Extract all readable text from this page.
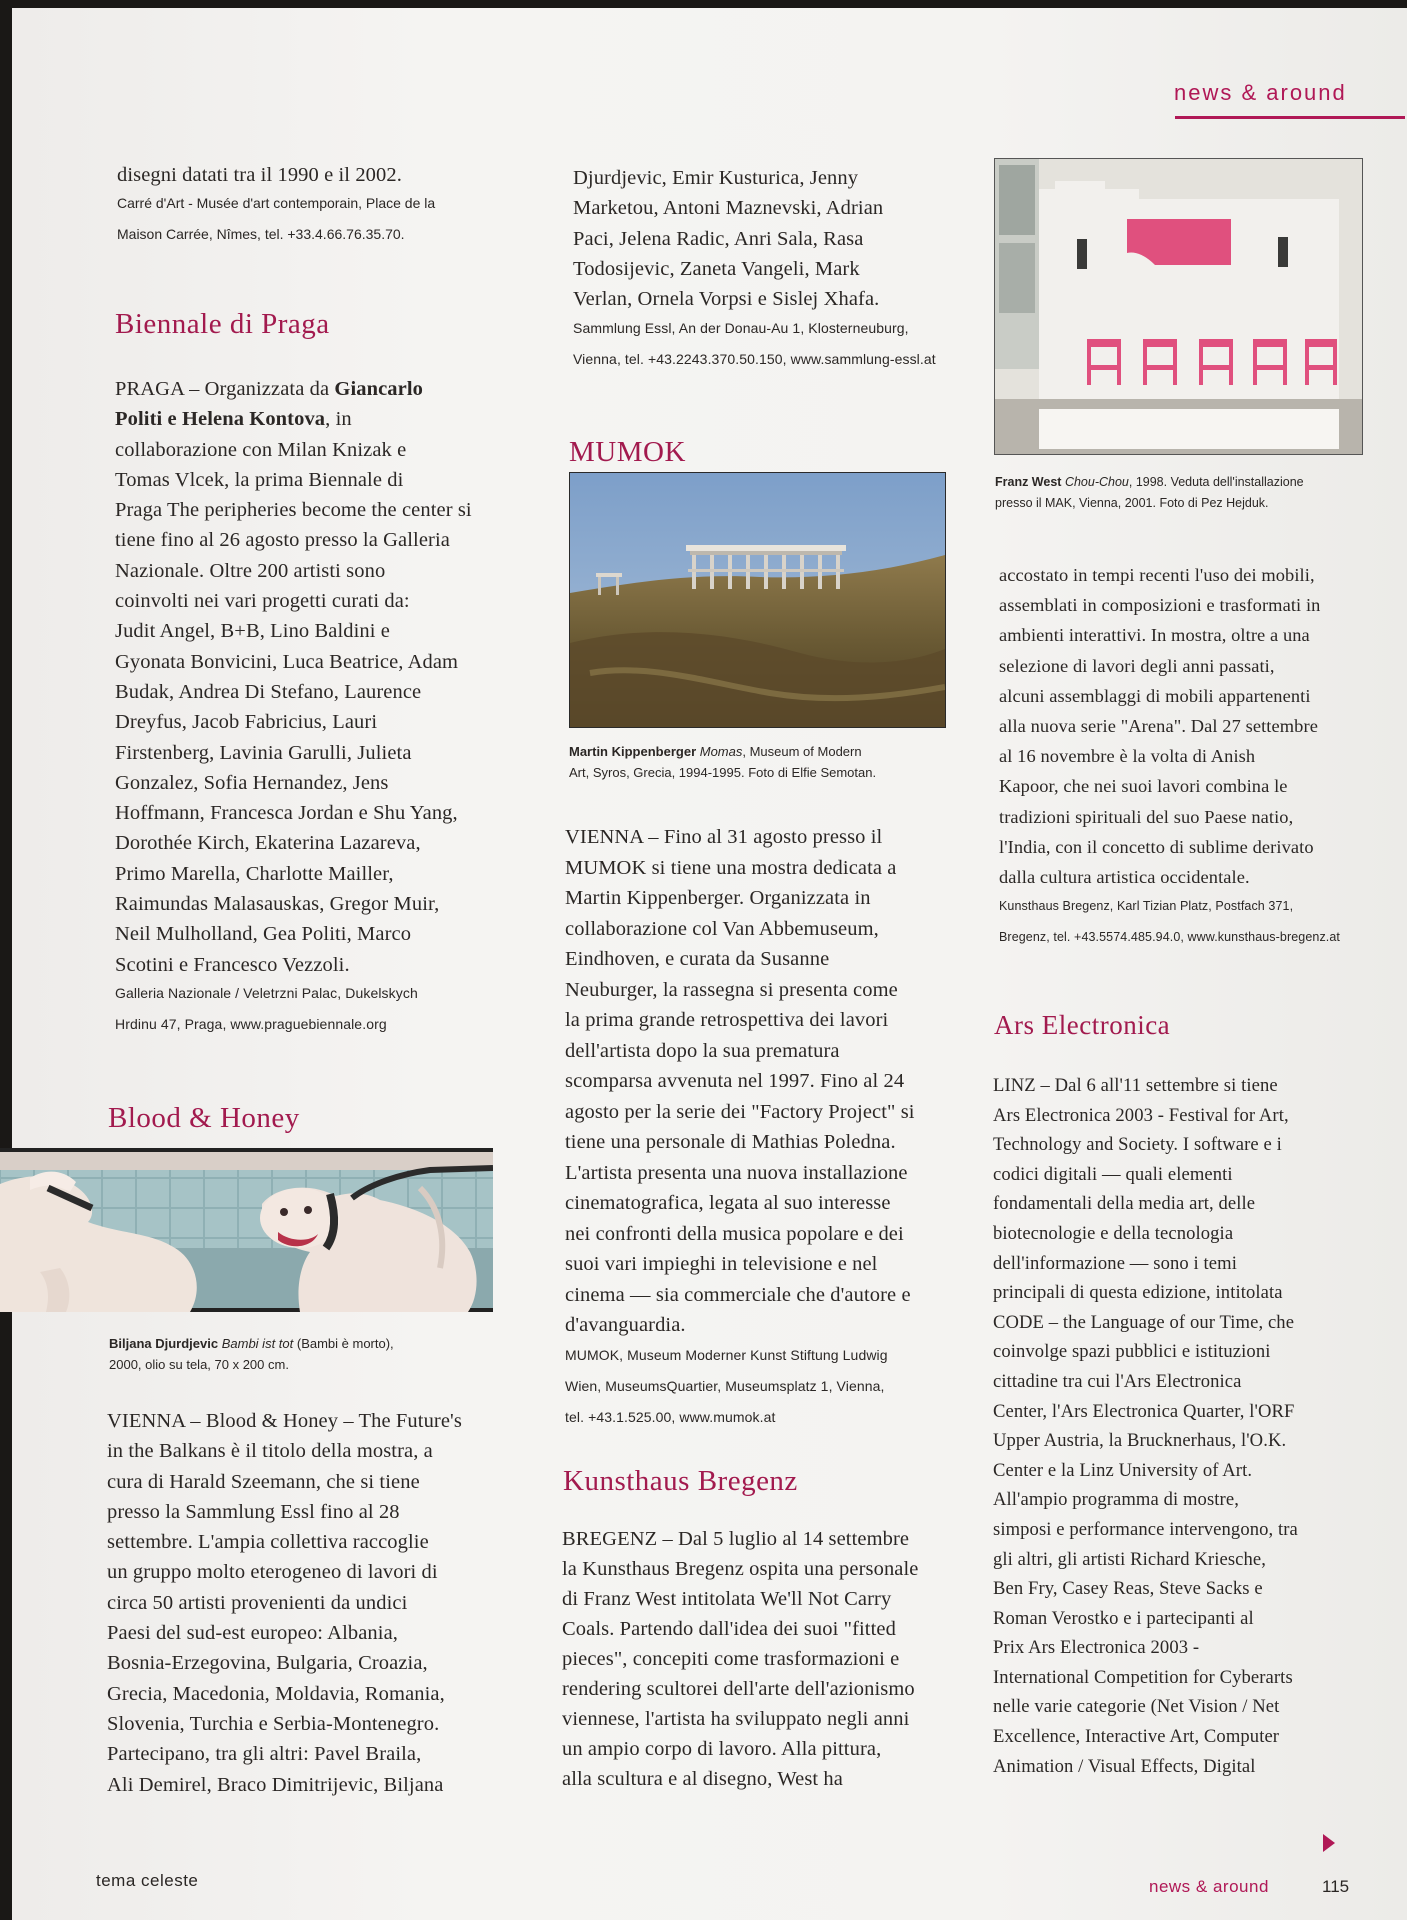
news & around

disegni datati tra il 1990 e il 2002.

Carré d'Art - Musée d'art contemporain, Place de la

Maison Carrée, Nîmes, tel. +33.4.66.76.35.70.

Biennale di Praga

PRAGA – Organizzata da Giancarlo

Politi e Helena Kontova, in

collaborazione con Milan Knizak e

Tomas Vlcek, la prima Biennale di

Praga The peripheries become the center si

tiene fino al 26 agosto presso la Galleria

Nazionale. Oltre 200 artisti sono

coinvolti nei vari progetti curati da:

Judit Angel, B+B, Lino Baldini e

Gyonata Bonvicini, Luca Beatrice, Adam

Budak, Andrea Di Stefano, Laurence

Dreyfus, Jacob Fabricius, Lauri

Firstenberg, Lavinia Garulli, Julieta

Gonzalez, Sofia Hernandez, Jens

Hoffmann, Francesca Jordan e Shu Yang,

Dorothée Kirch, Ekaterina Lazareva,

Primo Marella, Charlotte Mailler,

Raimundas Malasauskas, Gregor Muir,

Neil Mulholland, Gea Politi, Marco

Scotini e Francesco Vezzoli.

Galleria Nazionale / Veletrzni Palac, Dukelskych

Hrdinu 47, Praga, www.praguebiennale.org

Blood & Honey

Biljana Djurdjevic Bambi ist tot (Bambi è morto),

2000, olio su tela, 70 x 200 cm.

VIENNA – Blood & Honey – The Future's

in the Balkans è il titolo della mostra, a

cura di Harald Szeemann, che si tiene

presso la Sammlung Essl fino al 28

settembre. L'ampia collettiva raccoglie

un gruppo molto eterogeneo di lavori di

circa 50 artisti provenienti da undici

Paesi del sud-est europeo: Albania,

Bosnia-Erzegovina, Bulgaria, Croazia,

Grecia, Macedonia, Moldavia, Romania,

Slovenia, Turchia e Serbia-Montenegro.

Partecipano, tra gli altri: Pavel Braila,

Ali Demirel, Braco Dimitrijevic, Biljana

Djurdjevic, Emir Kusturica, Jenny

Marketou, Antoni Maznevski, Adrian

Paci, Jelena Radic, Anri Sala, Rasa

Todosijevic, Zaneta Vangeli, Mark

Verlan, Ornela Vorpsi e Sislej Xhafa.

Sammlung Essl, An der Donau-Au 1, Klosterneuburg,

Vienna, tel. +43.2243.370.50.150, www.sammlung-essl.at

MUMOK

Martin Kippenberger Momas, Museum of Modern

Art, Syros, Grecia, 1994-1995. Foto di Elfie Semotan.

VIENNA – Fino al 31 agosto presso il

MUMOK si tiene una mostra dedicata a

Martin Kippenberger. Organizzata in

collaborazione col Van Abbemuseum,

Eindhoven, e curata da Susanne

Neuburger, la rassegna si presenta come

la prima grande retrospettiva dei lavori

dell'artista dopo la sua prematura

scomparsa avvenuta nel 1997. Fino al 24

agosto per la serie dei "Factory Project" si

tiene una personale di Mathias Poledna.

L'artista presenta una nuova installazione

cinematografica, legata al suo interesse

nei confronti della musica popolare e dei

suoi vari impieghi in televisione e nel

cinema — sia commerciale che d'autore e

d'avanguardia.

MUMOK, Museum Moderner Kunst Stiftung Ludwig

Wien, MuseumsQuartier, Museumsplatz 1, Vienna,

tel. +43.1.525.00, www.mumok.at

Kunsthaus Bregenz

BREGENZ – Dal 5 luglio al 14 settembre

la Kunsthaus Bregenz ospita una personale

di Franz West intitolata We'll Not Carry

Coals. Partendo dall'idea dei suoi "fitted

pieces", concepiti come trasformazioni e

rendering scultorei dell'arte dell'azionismo

viennese, l'artista ha sviluppato negli anni

un ampio corpo di lavoro. Alla pittura,

alla scultura e al disegno, West ha

Franz West Chou-Chou, 1998. Veduta dell'installazione

presso il MAK, Vienna, 2001. Foto di Pez Hejduk.

accostato in tempi recenti l'uso dei mobili,

assemblati in composizioni e trasformati in

ambienti interattivi. In mostra, oltre a una

selezione di lavori degli anni passati,

alcuni assemblaggi di mobili appartenenti

alla nuova serie "Arena". Dal 27 settembre

al 16 novembre è la volta di Anish

Kapoor, che nei suoi lavori combina le

tradizioni spirituali del suo Paese natio,

l'India, con il concetto di sublime derivato

dalla cultura artistica occidentale.

Kunsthaus Bregenz, Karl Tizian Platz, Postfach 371,

Bregenz, tel. +43.5574.485.94.0, www.kunsthaus-bregenz.at

Ars Electronica

LINZ – Dal 6 all'11 settembre si tiene

Ars Electronica 2003 - Festival for Art,

Technology and Society. I software e i

codici digitali — quali elementi

fondamentali della media art, delle

biotecnologie e della tecnologia

dell'informazione — sono i temi

principali di questa edizione, intitolata

CODE – the Language of our Time, che

coinvolge spazi pubblici e istituzioni

cittadine tra cui l'Ars Electronica

Center, l'Ars Electronica Quarter, l'ORF

Upper Austria, la Brucknerhaus, l'O.K.

Center e la Linz University of Art.

All'ampio programma di mostre,

simposi e performance intervengono, tra

gli altri, gli artisti Richard Kriesche,

Ben Fry, Casey Reas, Steve Sacks e

Roman Verostko e i partecipanti al

Prix Ars Electronica 2003 -

International Competition for Cyberarts

nelle varie categorie (Net Vision / Net

Excellence, Interactive Art, Computer

Animation / Visual Effects, Digital

tema celeste	news & around	115
